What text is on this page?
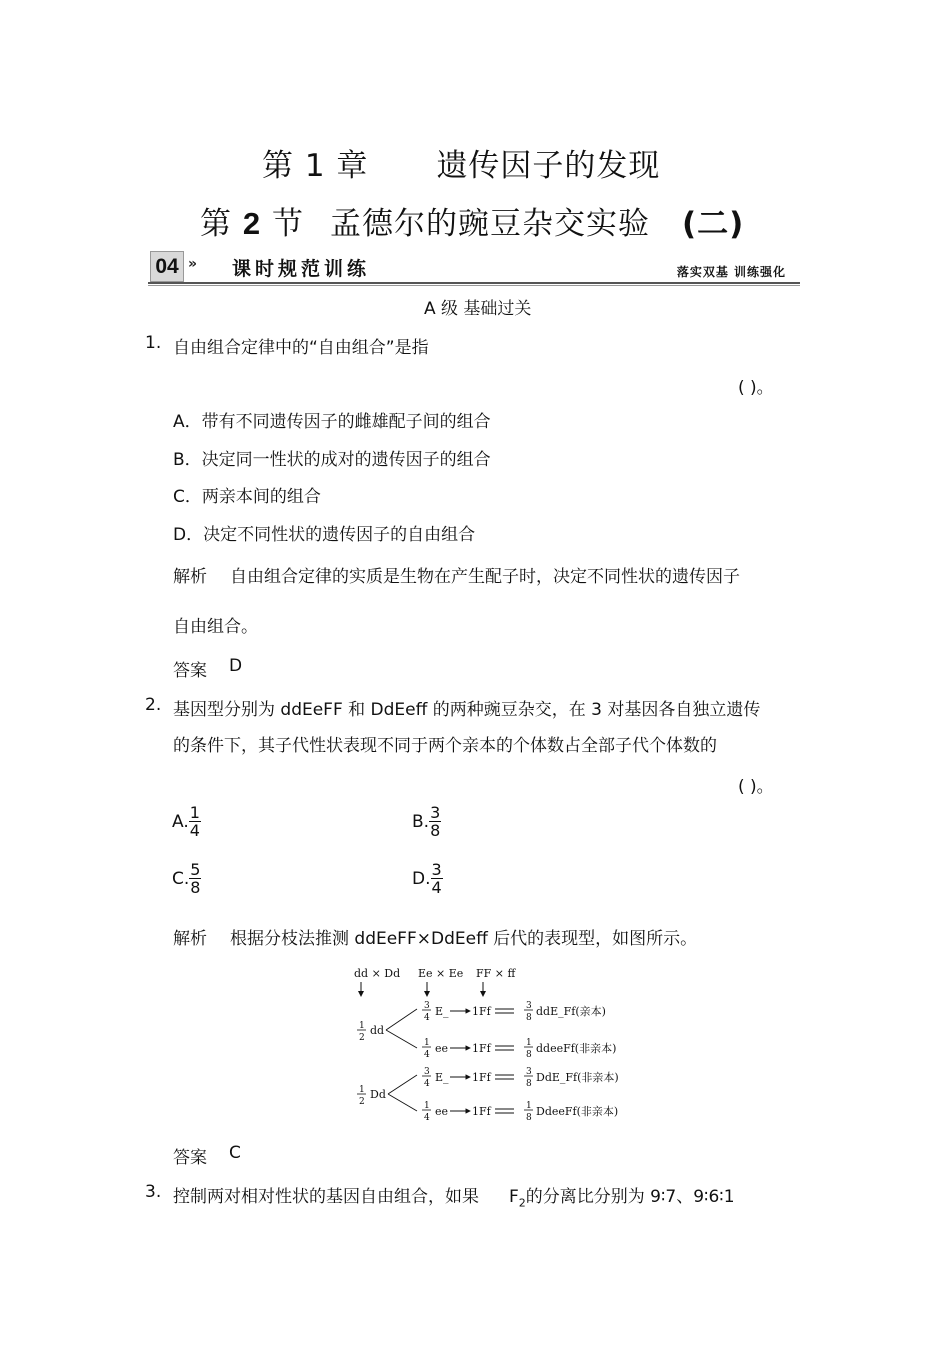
第 1 章 遗传因子的发现
第 2 节 孟德尔的豌豆杂交实验 (二)
04 » 课时规范训练	落实双基 训练强化
A 级 基础过关
1. 自由组合定律中的“自由组合”是指
( )。
A．带有不同遗传因子的雌雄配子间的组合
B．决定同一性状的成对的遗传因子的组合
C．两亲本间的组合
D．决定不同性状的遗传因子的自由组合
解析 自由组合定律的实质是生物在产生配子时，决定不同性状的遗传因子
自由组合。
答案 D
2. 基因型分别为 ddEeFF 和 DdEeff 的两种豌豆杂交，在 3 对基因各自独立遗传
的条件下，其子代性状表现不同于两个亲本的个体数占全部子代个体数的
( )。
A. $\frac{1}{4}$	B. $\frac{3}{8}$
C. $\frac{5}{8}$	D. $\frac{3}{4}$
解析 根据分枝法推测 ddEeFF×DdEeff 后代的表现型，如图所示。
dd × Dd Ee × Ee FF × ff
1
2
dd
1
2
Dd
3
4 E_ 1Ff	3
8 ddE_Ff(亲本)
1
4 ee 1Ff	1
8 ddeeFf(非亲本)
3
4 E_ 1Ff	3
8 DdE_Ff(非亲本)
1
4 ee 1Ff	1
8 DdeeFf(非亲本)
答案 C
3. 控制两对相对性状的基因自由组合，如果 $F_2$的分离比分别为 9∶7、9∶6∶1
